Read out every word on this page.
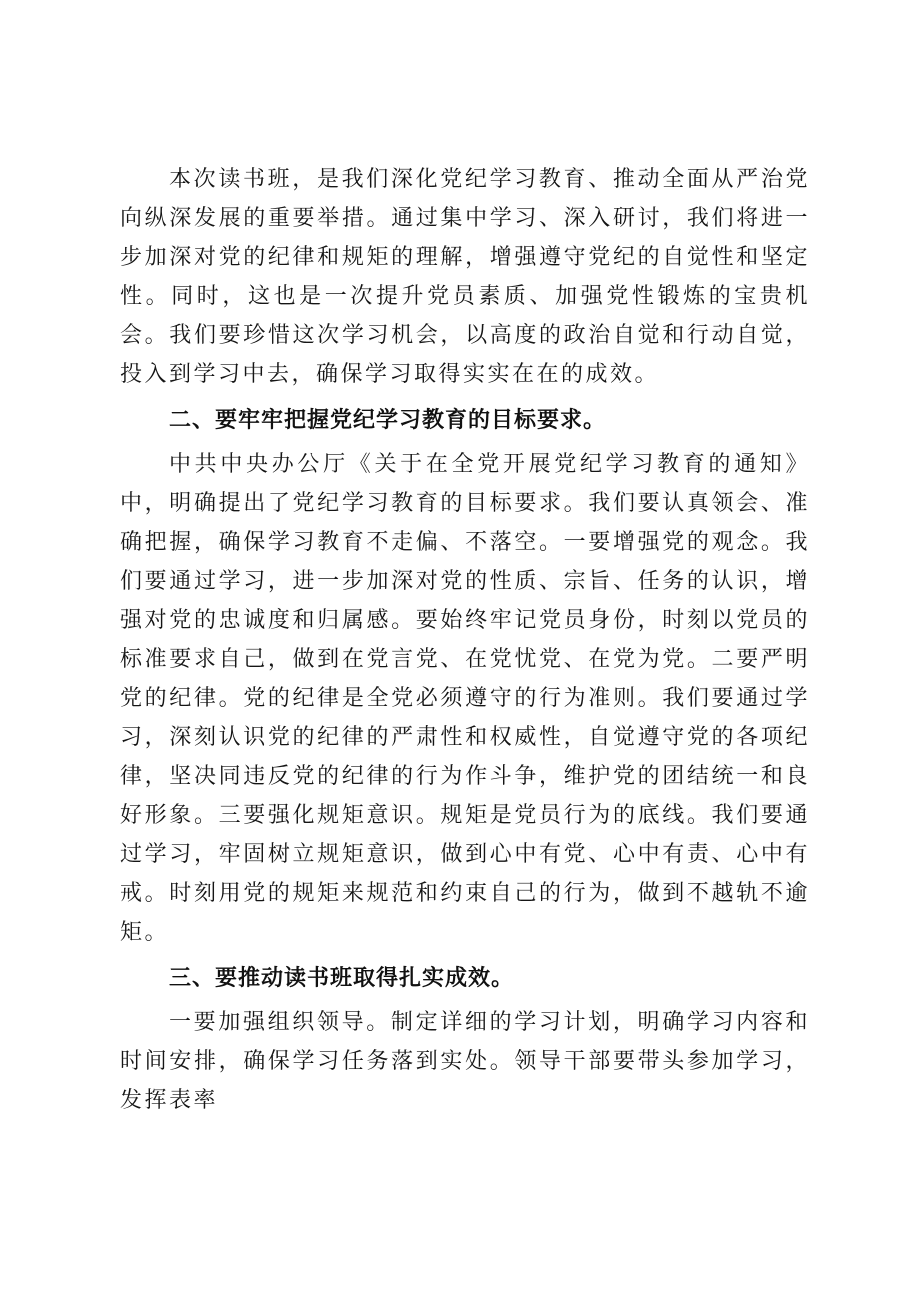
本次读书班，是我们深化党纪学习教育、推动全面从严治党向纵深发展的重要举措。通过集中学习、深入研讨，我们将进一步加深对党的纪律和规矩的理解，增强遵守党纪的自觉性和坚定性。同时，这也是一次提升党员素质、加强党性锻炼的宝贵机会。我们要珍惜这次学习机会，以高度的政治自觉和行动自觉，投入到学习中去，确保学习取得实实在在的成效。

二、要牢牢把握党纪学习教育的目标要求。

中共中央办公厅《关于在全党开展党纪学习教育的通知》中，明确提出了党纪学习教育的目标要求。我们要认真领会、准确把握，确保学习教育不走偏、不落空。一要增强党的观念。我们要通过学习，进一步加深对党的性质、宗旨、任务的认识，增强对党的忠诚度和归属感。要始终牢记党员身份，时刻以党员的标准要求自己，做到在党言党、在党忧党、在党为党。二要严明党的纪律。党的纪律是全党必须遵守的行为准则。我们要通过学习，深刻认识党的纪律的严肃性和权威性，自觉遵守党的各项纪律，坚决同违反党的纪律的行为作斗争，维护党的团结统一和良好形象。三要强化规矩意识。规矩是党员行为的底线。我们要通过学习，牢固树立规矩意识，做到心中有党、心中有责、心中有戒。时刻用党的规矩来规范和约束自己的行为，做到不越轨不逾矩。

三、要推动读书班取得扎实成效。

一要加强组织领导。制定详细的学习计划，明确学习内容和时间安排，确保学习任务落到实处。领导干部要带头参加学习，发挥表率
